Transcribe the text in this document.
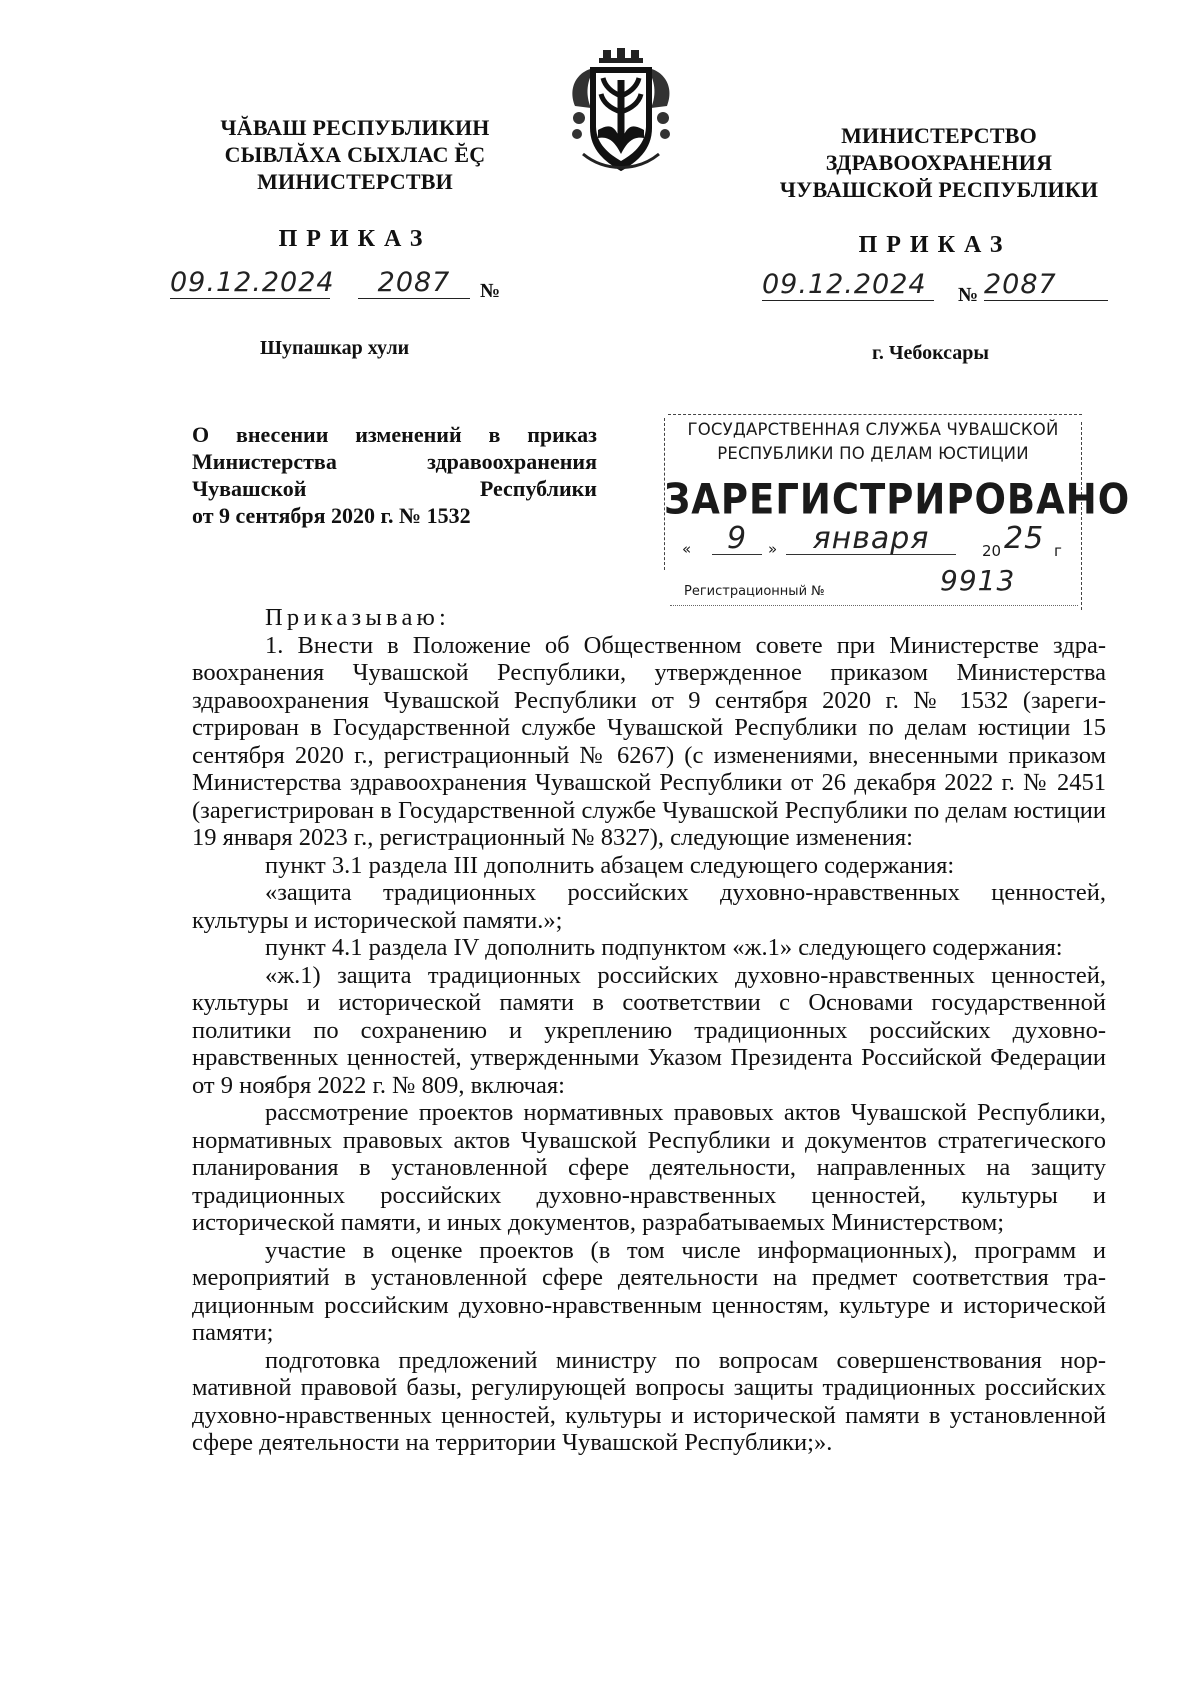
ЧĂВАШ РЕСПУБЛИКИН
СЫВЛĂХА СЫХЛАС ĔÇ
МИНИСТЕРСТВИ
МИНИСТЕРСТВО
ЗДРАВООХРАНЕНИЯ
ЧУВАШСКОЙ РЕСПУБЛИКИ
ПРИКАЗ	ПРИКАЗ
09.12.2024	2087	№	09.12.2024	№ 2087
Шупашкар хули	г. Чебоксары
О внесении изменений в приказ
Министерства здравоохранения
Чувашской Республики
от 9 сентября 2020 г. № 1532
ГОСУДАРСТВЕННАЯ СЛУЖБА ЧУВАШСКОЙ
РЕСПУБЛИКИ ПО ДЕЛАМ ЮСТИЦИИ
ЗАРЕГИСТРИРОВАНО
«	9	»	января	20 25 г
Регистрационный №	9913

Приказываю:

1. Внести в Положение об Общественном совете при Министерстве здравоохранения Чувашской Республики, утвержденное приказом Министерства здравоохранения Чувашской Республики от 9 сентября 2020 г. № 1532 (зарегистрирован в Государственной службе Чувашской Республики по делам юстиции 15 сентября 2020 г., регистрационный № 6267) (с изменениями, внесенными приказом Министерства здравоохранения Чувашской Республики от 26 декабря 2022 г. № 2451 (зарегистрирован в Государственной службе Чувашской Республики по делам юстиции 19 января 2023 г., регистрационный № 8327), следующие изменения:

пункт 3.1 раздела III дополнить абзацем следующего содержания:

«защита традиционных российских духовно-нравственных ценностей, культуры и исторической памяти.»;

пункт 4.1 раздела IV дополнить подпунктом «ж.1» следующего содержания:

«ж.1) защита традиционных российских духовно-нравственных ценностей, культуры и исторической памяти в соответствии с Основами государственной политики по сохранению и укреплению традиционных российских духовно-нравственных ценностей, утвержденными Указом Президента Российской Федерации от 9 ноября 2022 г. № 809, включая:

рассмотрение проектов нормативных правовых актов Чувашской Республики, нормативных правовых актов Чувашской Республики и документов стратегического планирования в установленной сфере деятельности, направленных на защиту традиционных российских духовно-нравственных ценностей, культуры и исторической памяти, и иных документов, разрабатываемых Министерством;

участие в оценке проектов (в том числе информационных), программ и мероприятий в установленной сфере деятельности на предмет соответствия традиционным российским духовно-нравственным ценностям, культуре и исторической памяти;

подготовка предложений министру по вопросам совершенствования нормативной правовой базы, регулирующей вопросы защиты традиционных российских духовно-нравственных ценностей, культуры и исторической памяти в установленной сфере деятельности на территории Чувашской Республики;».
